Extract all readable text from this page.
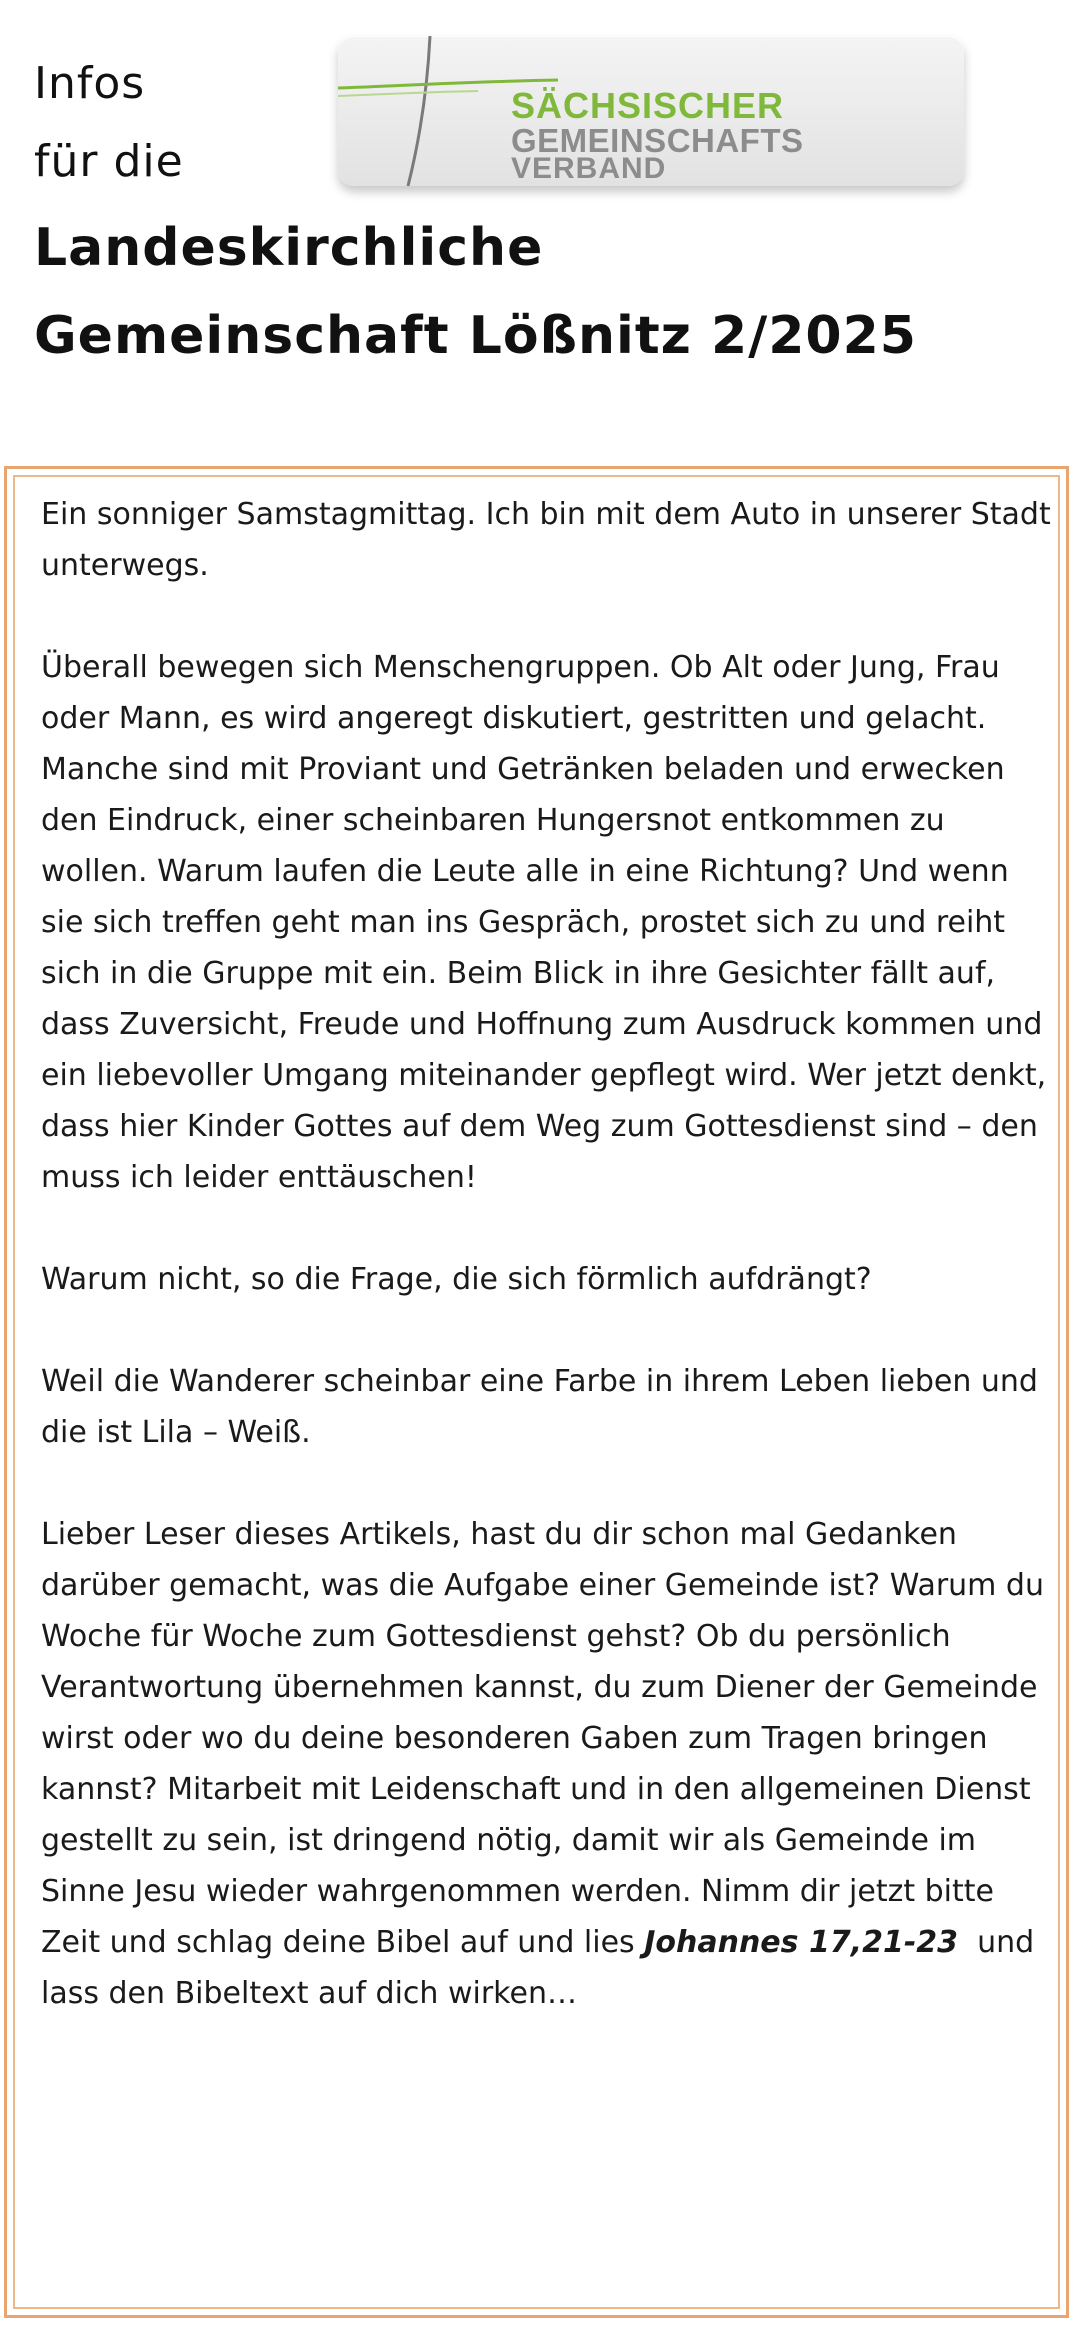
Infos
für die
Landeskirchliche
Gemeinschaft Lößnitz 2/2025
SÄCHSISCHER
GEMEINSCHAFTS
VERBAND

Ein sonniger Samstagmittag. Ich bin mit dem Auto in unserer Stadt unterwegs.

Überall bewegen sich Menschengruppen. Ob Alt oder Jung, Frau oder Mann, es wird angeregt diskutiert, gestritten und gelacht. Manche sind mit Proviant und Getränken beladen und erwecken den Eindruck, einer scheinbaren Hungersnot entkommen zu wollen. Warum laufen die Leute alle in eine Richtung? Und wenn sie sich treffen geht man ins Gespräch, prostet sich zu und reiht sich in die Gruppe mit ein. Beim Blick in ihre Gesichter fällt auf, dass Zuversicht, Freude und Hoffnung zum Ausdruck kommen und ein liebevoller Umgang miteinander gepflegt wird. Wer jetzt denkt, dass hier Kinder Gottes auf dem Weg zum Gottesdienst sind – den muss ich leider enttäuschen!

Warum nicht, so die Frage, die sich förmlich aufdrängt?

Weil die Wanderer scheinbar eine Farbe in ihrem Leben lieben und die ist Lila – Weiß.

Lieber Leser dieses Artikels, hast du dir schon mal Gedanken darüber gemacht, was die Aufgabe einer Gemeinde ist? Warum du Woche für Woche zum Gottesdienst gehst? Ob du persönlich Verantwortung übernehmen kannst, du zum Diener der Gemeinde wirst oder wo du deine besonderen Gaben zum Tragen bringen kannst? Mitarbeit mit Leidenschaft und in den allgemeinen Dienst gestellt zu sein, ist dringend nötig, damit wir als Gemeinde im Sinne Jesu wieder wahrgenommen werden. Nimm dir jetzt bitte Zeit und schlag deine Bibel auf und lies Johannes 17,21-23  und lass den Bibeltext auf dich wirken…
